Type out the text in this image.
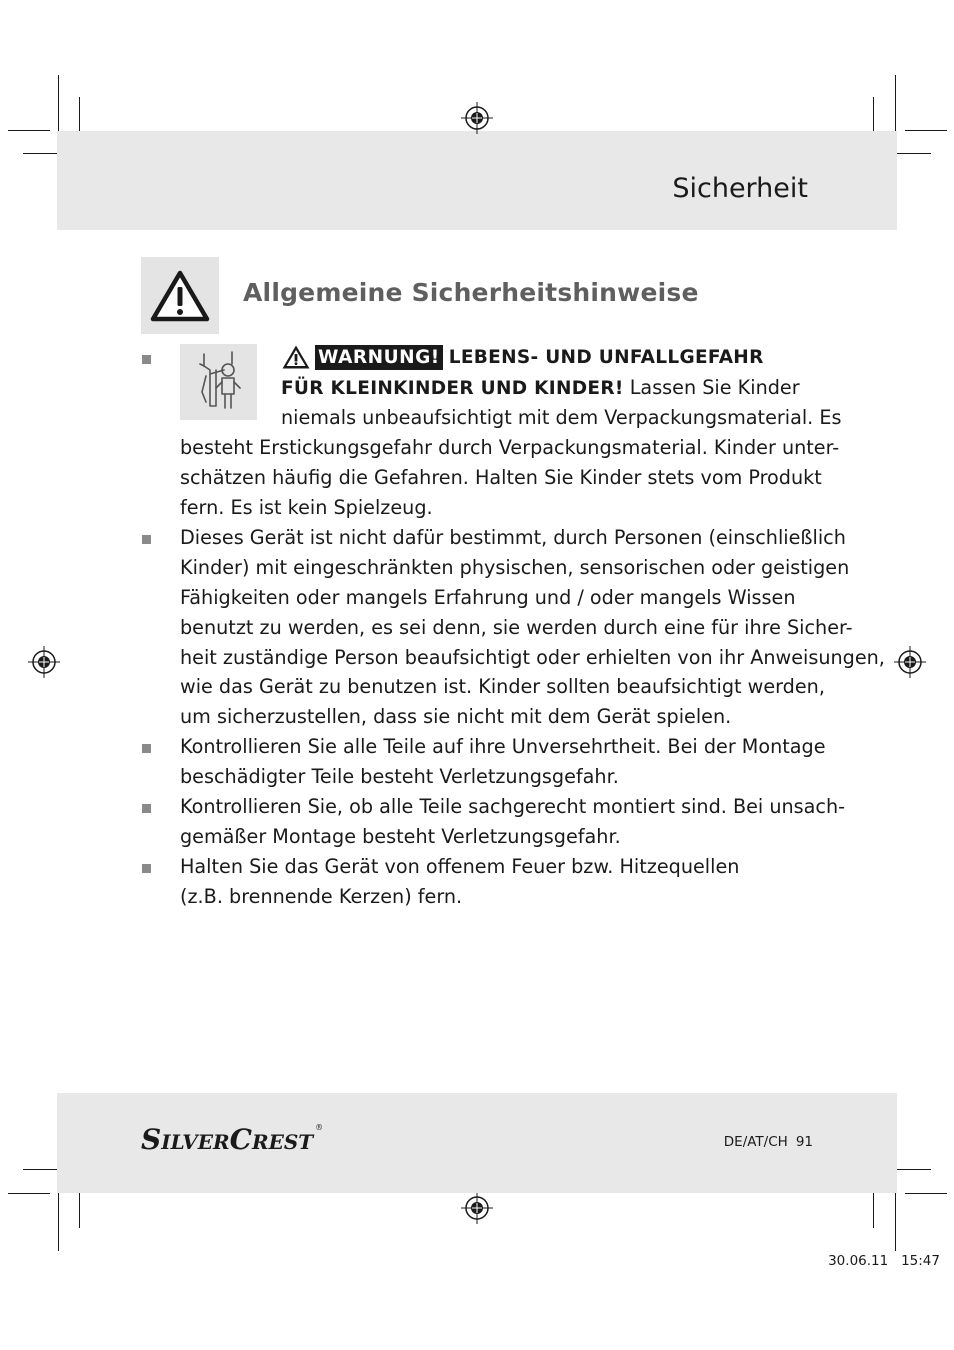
Sicherheit
Allgemeine Sicherheitshinweise
WARNUNG! LEBENS- UND UNFALLGEFAHR
FÜR KLEINKINDER UND KINDER! Lassen Sie Kinder
niemals unbeaufsichtigt mit dem Verpackungsmaterial. Es
besteht Erstickungsgefahr durch Verpackungsmaterial. Kinder unter-
schätzen häufig die Gefahren. Halten Sie Kinder stets vom Produkt
fern. Es ist kein Spielzeug.
Dieses Gerät ist nicht dafür bestimmt, durch Personen (einschließlich
Kinder) mit eingeschränkten physischen, sensorischen oder geistigen
Fähigkeiten oder mangels Erfahrung und / oder mangels Wissen
benutzt zu werden, es sei denn, sie werden durch eine für ihre Sicher-
heit zuständige Person beaufsichtigt oder erhielten von ihr Anweisungen,
wie das Gerät zu benutzen ist. Kinder sollten beaufsichtigt werden,
um sicherzustellen, dass sie nicht mit dem Gerät spielen.
Kontrollieren Sie alle Teile auf ihre Unversehrtheit. Bei der Montage
beschädigter Teile besteht Verletzungsgefahr.
Kontrollieren Sie, ob alle Teile sachgerecht montiert sind. Bei unsach-
gemäßer Montage besteht Verletzungsgefahr.
Halten Sie das Gerät von offenem Feuer bzw. Hitzequellen
(z.B. brennende Kerzen) fern.
SILVERCREST®
DE/AT/CH 91
30.06.11   15:47
